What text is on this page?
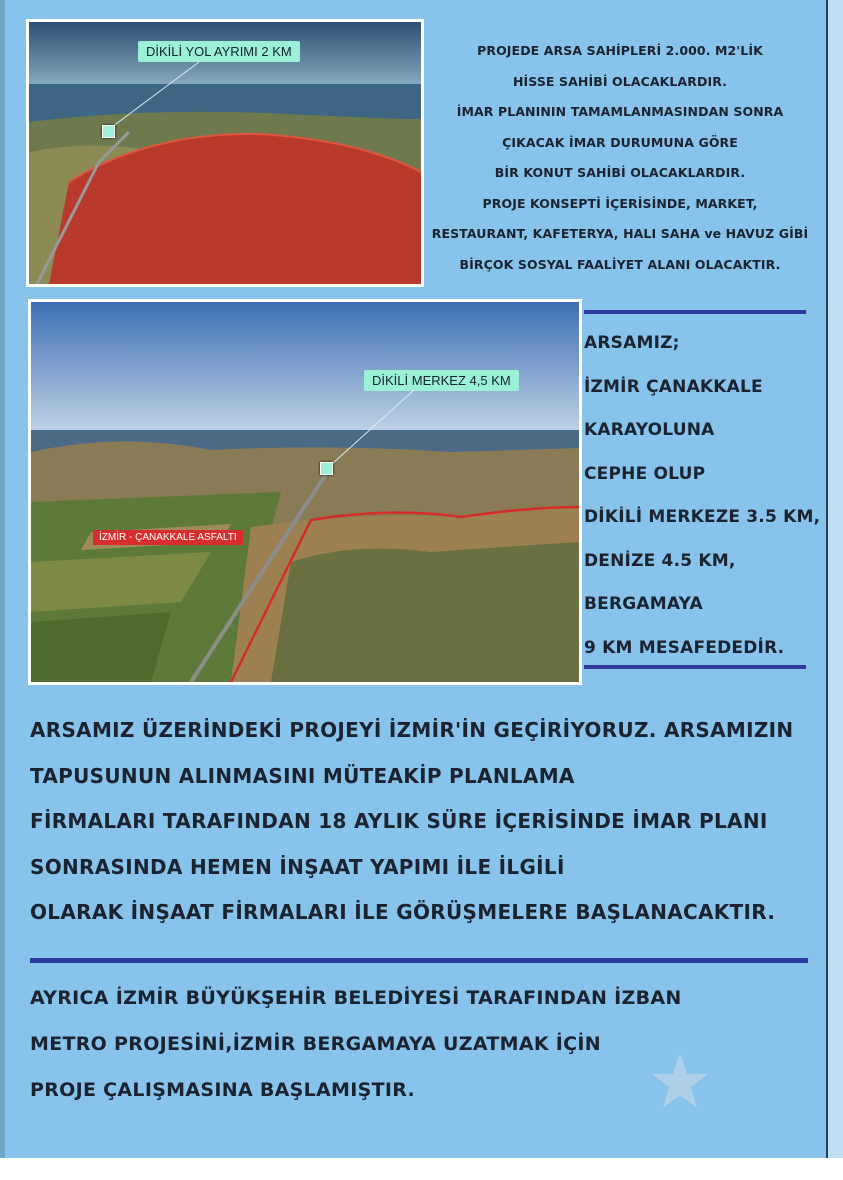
DİKİLİ YOL AYRIMI 2 KM	PROJEDE ARSA SAHİPLERİ 2.000. M2'LİK
HİSSE SAHİBİ OLACAKLARDIR.
İMAR PLANININ TAMAMLANMASINDAN SONRA
ÇIKACAK İMAR DURUMUNA GÖRE
BİR KONUT SAHİBİ OLACAKLARDIR.
PROJE KONSEPTİ İÇERİSİNDE, MARKET,
RESTAURANT, KAFETERYA, HALI SAHA ve HAVUZ GİBİ
BİRÇOK SOSYAL FAALİYET ALANI OLACAKTIR.
DİKİLİ MERKEZ 4,5 KM
İZMİR - ÇANAKKALE ASFALTI
ARSAMIZ;
İZMİR ÇANAKKALE
KARAYOLUNA
CEPHE OLUP
DİKİLİ MERKEZE 3.5 KM,
DENİZE 4.5 KM,
BERGAMAYA
9 KM MESAFEDEDİR.
ARSAMIZ ÜZERİNDEKİ PROJEYİ İZMİR'İN GEÇİRİYORUZ. ARSAMIZIN
TAPUSUNUN ALINMASINI MÜTEAKİP PLANLAMA
FİRMALARI TARAFINDAN 18 AYLIK SÜRE İÇERİSİNDE İMAR PLANI
SONRASINDA HEMEN İNŞAAT YAPIMI İLE İLGİLİ
OLARAK İNŞAAT FİRMALARI İLE GÖRÜŞMELERE BAŞLANACAKTIR.
AYRICA İZMİR BÜYÜKŞEHİR BELEDİYESİ TARAFINDAN İZBAN
METRO PROJESİNİ,İZMİR BERGAMAYA UZATMAK İÇİN
PROJE ÇALIŞMASINA BAŞLAMIŞTIR.
